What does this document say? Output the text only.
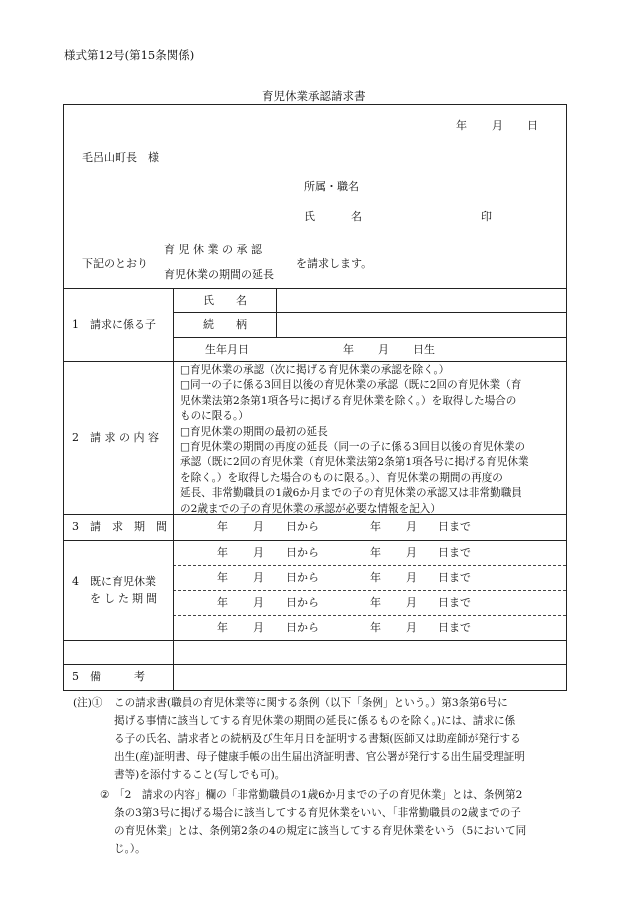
様式第12号(第15条関係)
育児休業承認請求書
年 月 日
毛呂山町長　様
所属・職名
氏	名	印
下記のとおり
育 児 休 業 の 承 認
育児休業の期間の延長
を請求します。
1　請求に係る子
氏　　名
続　　柄
生年月日	年 月 日生
2　請 求 の 内 容
□育児休業の承認（次に掲げる育児休業の承認を除く。）
□同一の子に係る3回目以後の育児休業の承認（既に2回の育児休業（育
児休業法第2条第1項各号に掲げる育児休業を除く。）を取得した場合の
ものに限る。）
□育児休業の期間の最初の延長
□育児休業の期間の再度の延長（同一の子に係る3回目以後の育児休業の
承認（既に2回の育児休業（育児休業法第2条第1項各号に掲げる育児休業
を除く。）を取得した場合のものに限る。）、育児休業の期間の再度の
延長、非常勤職員の1歳6か月までの子の育児休業の承認又は非常勤職員
の2歳までの子の育児休業の承認が必要な情報を記入）
3　請　求　期　間	年 月 日から	年 月 日まで
4　既に育児休業
をした期間
年 月 日から	年 月 日まで
年 月 日から	年 月 日まで
年 月 日から	年 月 日まで
年 月 日から	年 月 日まで
5　備　　　考
(注)① この請求書(職員の育児休業等に関する条例（以下「条例」という。）第3条第6号に
掲げる事情に該当してする育児休業の期間の延長に係るものを除く。)には、請求に係
る子の氏名、請求者との続柄及び生年月日を証明する書類(医師又は助産師が発行する
出生(産)証明書、母子健康手帳の出生届出済証明書、官公署が発行する出生届受理証明
書等)を添付すること(写しでも可)。
② 「2　請求の内容」欄の「非常勤職員の1歳6か月までの子の育児休業」とは、条例第2
条の3第3号に掲げる場合に該当してする育児休業をいい、「非常勤職員の2歳までの子
の育児休業」とは、条例第2条の4の規定に該当してする育児休業をいう（5において同
じ。）。
